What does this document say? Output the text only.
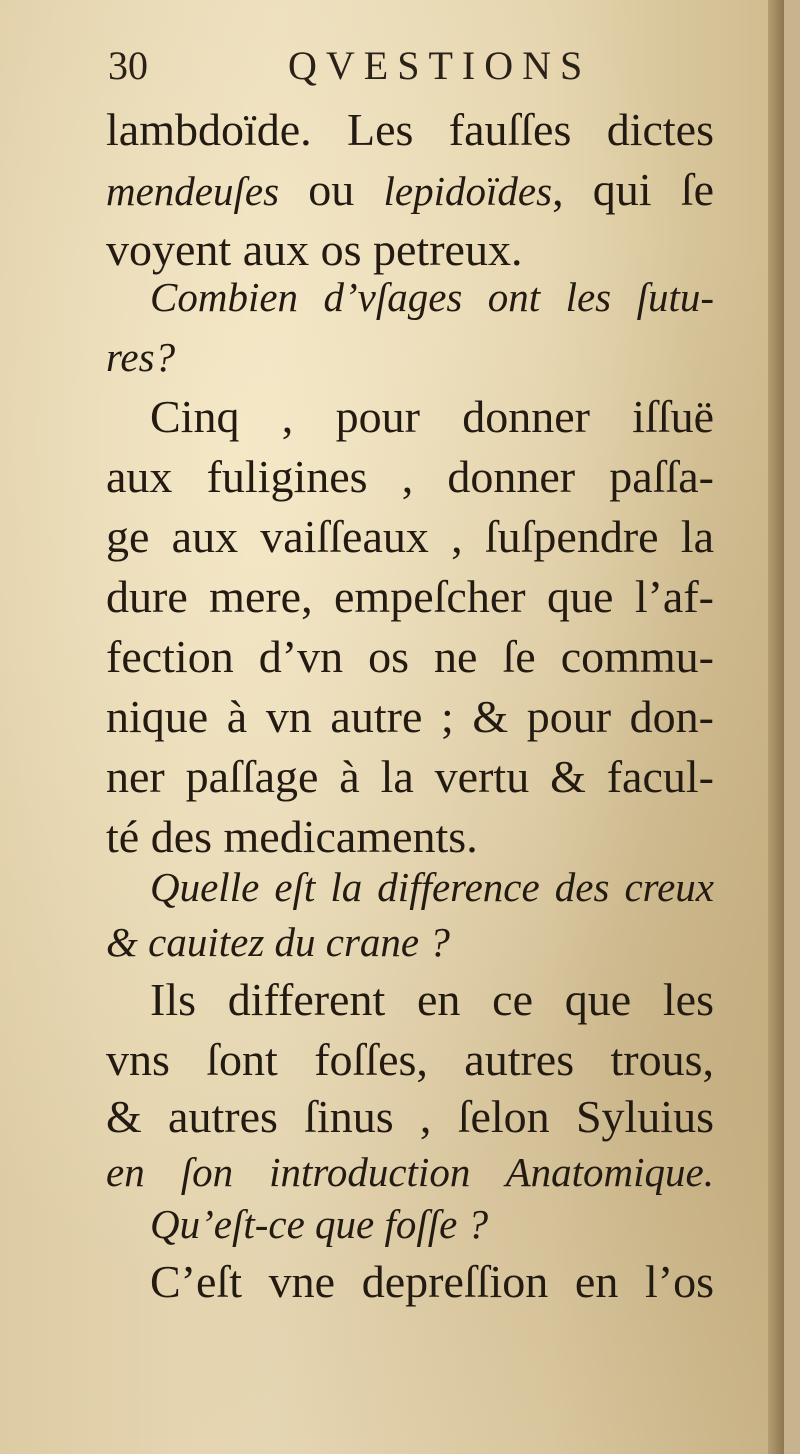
30	QVESTIONS
lambdoïde. Les fauſſes dictes
mendeuſes ou lepidoïdes, qui ſe
voyent aux os petreux.
Combien d’vſages ont les ſutu-
res?
Cinq , pour donner iſſuë
aux fuligines , donner paſſa-
ge aux vaiſſeaux , ſuſpendre la
dure mere, empeſcher que l’af-
fection d’vn os ne ſe commu-
nique à vn autre ; & pour don-
ner paſſage à la vertu & facul-
té des medicaments.
Quelle eſt la difference des creux
& cauitez du crane ?
Ils different en ce que les
vns ſont foſſes, autres trous,
& autres ſinus , ſelon Syluius
en ſon introduction Anatomique.
Qu’eſt-ce que foſſe ?
C’eſt vne depreſſion en l’os
